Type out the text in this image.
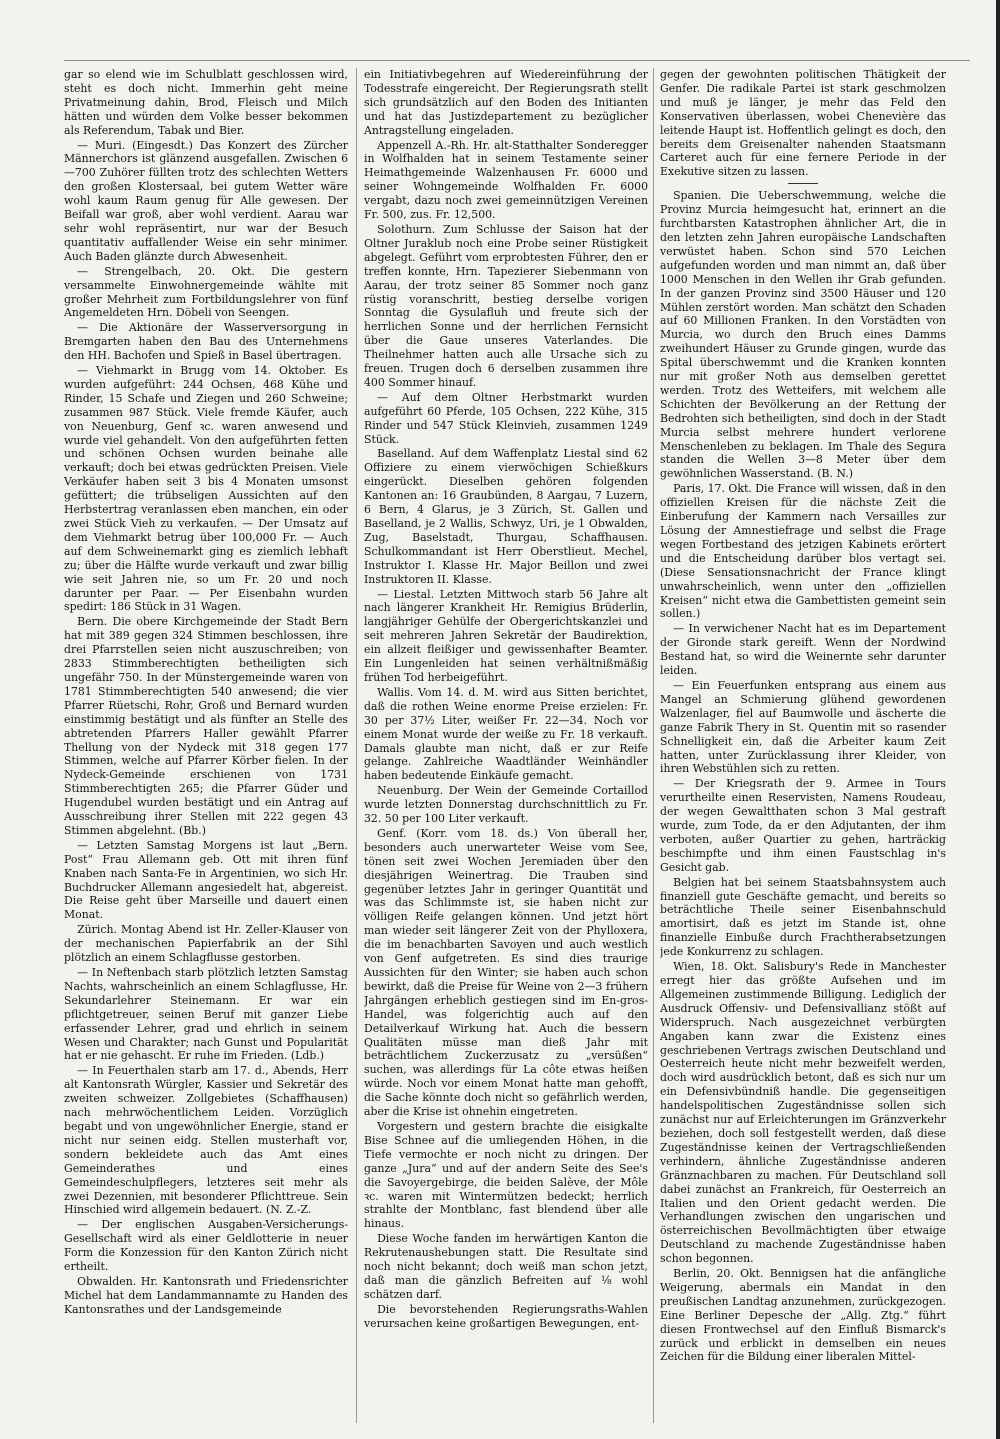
gar so elend wie im Schulblatt geschlossen wird, steht es doch nicht. Immerhin geht meine Privatmeinung dahin, Brod, Fleisch und Milch hätten und würden dem Volke besser bekommen als Referendum, Tabak und Bier.

— Muri. (Eingesdt.) Das Konzert des Zürcher Männerchors ist glänzend ausgefallen. Zwischen 6—700 Zuhörer füllten trotz des schlechten Wetters den großen Klostersaal, bei gutem Wetter wäre wohl kaum Raum genug für Alle gewesen. Der Beifall war groß, aber wohl verdient. Aarau war sehr wohl repräsentirt, nur war der Besuch quantitativ auffallender Weise ein sehr minimer. Auch Baden glänzte durch Abwesenheit.

— Strengelbach, 20. Okt. Die gestern versammelte Einwohnergemeinde wählte mit großer Mehrheit zum Fortbildungslehrer von fünf Angemeldeten Hrn. Döbeli von Seengen.

— Die Aktionäre der Wasserversorgung in Bremgarten haben den Bau des Unternehmens den HH. Bachofen und Spieß in Basel übertragen.

— Viehmarkt in Brugg vom 14. Oktober. Es wurden aufgeführt: 244 Ochsen, 468 Kühe und Rinder, 15 Schafe und Ziegen und 260 Schweine; zusammen 987 Stück. Viele fremde Käufer, auch von Neuenburg, Genf ꝛc. waren anwesend und wurde viel gehandelt. Von den aufgeführten fetten und schönen Ochsen wurden beinahe alle verkauft; doch bei etwas gedrückten Preisen. Viele Verkäufer haben seit 3 bis 4 Monaten umsonst gefüttert; die trübseligen Aussichten auf den Herbstertrag veranlassen eben manchen, ein oder zwei Stück Vieh zu verkaufen. — Der Umsatz auf dem Viehmarkt betrug über 100,000 Fr. — Auch auf dem Schweinemarkt ging es ziemlich lebhaft zu; über die Hälfte wurde verkauft und zwar billig wie seit Jahren nie, so um Fr. 20 und noch darunter per Paar. — Per Eisenbahn wurden spedirt: 186 Stück in 31 Wagen.

Bern. Die obere Kirchgemeinde der Stadt Bern hat mit 389 gegen 324 Stimmen beschlossen, ihre drei Pfarrstellen seien nicht auszuschreiben; von 2833 Stimmberechtigten betheiligten sich ungefähr 750. In der Münstergemeinde waren von 1781 Stimmberechtigten 540 anwesend; die vier Pfarrer Rüetschi, Rohr, Groß und Bernard wurden einstimmig bestätigt und als fünfter an Stelle des abtretenden Pfarrers Haller gewählt Pfarrer Thellung von der Nydeck mit 318 gegen 177 Stimmen, welche auf Pfarrer Körber fielen. In der Nydeck-Gemeinde erschienen von 1731 Stimmberechtigten 265; die Pfarrer Güder und Hugendubel wurden bestätigt und ein Antrag auf Ausschreibung ihrer Stellen mit 222 gegen 43 Stimmen abgelehnt. (Bb.)

— Letzten Samstag Morgens ist laut „Bern. Post“ Frau Allemann geb. Ott mit ihren fünf Knaben nach Santa-Fe in Argentinien, wo sich Hr. Buchdrucker Allemann angesiedelt hat, abgereist. Die Reise geht über Marseille und dauert einen Monat.

Zürich. Montag Abend ist Hr. Zeller-Klauser von der mechanischen Papierfabrik an der Sihl plötzlich an einem Schlagflusse gestorben.

— In Neftenbach starb plötzlich letzten Samstag Nachts, wahrscheinlich an einem Schlagflusse, Hr. Sekundarlehrer Steinemann. Er war ein pflichtgetreuer, seinen Beruf mit ganzer Liebe erfassender Lehrer, grad und ehrlich in seinem Wesen und Charakter; nach Gunst und Popularität hat er nie gehascht. Er ruhe im Frieden. (Ldb.)

— In Feuerthalen starb am 17. d., Abends, Herr alt Kantonsrath Würgler, Kassier und Sekretär des zweiten schweizer. Zollgebietes (Schaffhausen) nach mehrwöchentlichem Leiden. Vorzüglich begabt und von ungewöhnlicher Energie, stand er nicht nur seinen eidg. Stellen musterhaft vor, sondern bekleidete auch das Amt eines Gemeinderathes und eines Gemeindeschulpflegers, letzteres seit mehr als zwei Dezennien, mit besonderer Pflichttreue. Sein Hinschied wird allgemein bedauert. (N. Z.-Z.

— Der englischen Ausgaben-Versicherungs-Gesellschaft wird als einer Geldlotterie in neuer Form die Konzession für den Kanton Zürich nicht ertheilt.

Obwalden. Hr. Kantonsrath und Friedensrichter Michel hat dem Landammannamte zu Handen des Kantonsrathes und der Landsgemeinde

ein Initiativbegehren auf Wiedereinführung der Todesstrafe eingereicht. Der Regierungsrath stellt sich grundsätzlich auf den Boden des Initianten und hat das Justizdepartement zu bezüglicher Antragstellung eingeladen.

Appenzell A.-Rh. Hr. alt-Statthalter Sonderegger in Wolfhalden hat in seinem Testamente seiner Heimathgemeinde Walzenhausen Fr. 6000 und seiner Wohngemeinde Wolfhalden Fr. 6000 vergabt, dazu noch zwei gemeinnützigen Vereinen Fr. 500, zus. Fr. 12,500.

Solothurn. Zum Schlusse der Saison hat der Oltner Juraklub noch eine Probe seiner Rüstigkeit abgelegt. Geführt vom erprobtesten Führer, den er treffen konnte, Hrn. Tapezierer Siebenmann von Aarau, der trotz seiner 85 Sommer noch ganz rüstig voranschritt, bestieg derselbe vorigen Sonntag die Gysulafluh und freute sich der herrlichen Sonne und der herrlichen Fernsicht über die Gaue unseres Vaterlandes. Die Theilnehmer hatten auch alle Ursache sich zu freuen. Trugen doch 6 derselben zusammen ihre 400 Sommer hinauf.

— Auf dem Oltner Herbstmarkt wurden aufgeführt 60 Pferde, 105 Ochsen, 222 Kühe, 315 Rinder und 547 Stück Kleinvieh, zusammen 1249 Stück.

Baselland. Auf dem Waffenplatz Liestal sind 62 Offiziere zu einem vierwöchigen Schießkurs eingerückt. Dieselben gehören folgenden Kantonen an: 16 Graubünden, 8 Aargau, 7 Luzern, 6 Bern, 4 Glarus, je 3 Zürich, St. Gallen und Baselland, je 2 Wallis, Schwyz, Uri, je 1 Obwalden, Zug, Baselstadt, Thurgau, Schaffhausen. Schulkommandant ist Herr Oberstlieut. Mechel, Instruktor I. Klasse Hr. Major Beillon und zwei Instruktoren II. Klasse.

— Liestal. Letzten Mittwoch starb 56 Jahre alt nach längerer Krankheit Hr. Remigius Brüderlin, langjähriger Gehülfe der Obergerichtskanzlei und seit mehreren Jahren Sekretär der Baudirektion, ein allzeit fleißiger und gewissenhafter Beamter. Ein Lungenleiden hat seinen verhältnißmäßig frühen Tod herbeigeführt.

Wallis. Vom 14. d. M. wird aus Sitten berichtet, daß die rothen Weine enorme Preise erzielen: Fr. 30 per 37½ Liter, weißer Fr. 22—34. Noch vor einem Monat wurde der weiße zu Fr. 18 verkauft. Damals glaubte man nicht, daß er zur Reife gelange. Zahlreiche Waadtländer Weinhändler haben bedeutende Einkäufe gemacht.

Neuenburg. Der Wein der Gemeinde Cortaillod wurde letzten Donnerstag durchschnittlich zu Fr. 32. 50 per 100 Liter verkauft.

Genf. (Korr. vom 18. ds.) Von überall her, besonders auch unerwarteter Weise vom See, tönen seit zwei Wochen Jeremiaden über den diesjährigen Weinertrag. Die Trauben sind gegenüber letztes Jahr in geringer Quantität und was das Schlimmste ist, sie haben nicht zur völligen Reife gelangen können. Und jetzt hört man wieder seit längerer Zeit von der Phylloxera, die im benachbarten Savoyen und auch westlich von Genf aufgetreten. Es sind dies traurige Aussichten für den Winter; sie haben auch schon bewirkt, daß die Preise für Weine von 2—3 frühern Jahrgängen erheblich gestiegen sind im En-gros-Handel, was folgerichtig auch auf den Detailverkauf Wirkung hat. Auch die bessern Qualitäten müsse man dieß Jahr mit beträchtlichem Zuckerzusatz zu „versüßen“ suchen, was allerdings für La côte etwas heißen würde. Noch vor einem Monat hatte man gehofft, die Sache könnte doch nicht so gefährlich werden, aber die Krise ist ohnehin eingetreten.

Vorgestern und gestern brachte die eisigkalte Bise Schnee auf die umliegenden Höhen, in die Tiefe vermochte er noch nicht zu dringen. Der ganze „Jura“ und auf der andern Seite des See's die Savoyergebirge, die beiden Salève, der Môle ꝛc. waren mit Wintermützen bedeckt; herrlich strahlte der Montblanc, fast blendend über alle hinaus.

Diese Woche fanden im herwärtigen Kanton die Rekrutenaushebungen statt. Die Resultate sind noch nicht bekannt; doch weiß man schon jetzt, daß man die gänzlich Befreiten auf ⅛ wohl schätzen darf.

Die bevorstehenden Regierungsraths-Wahlen verursachen keine großartigen Bewegungen, ent-

gegen der gewohnten politischen Thätigkeit der Genfer. Die radikale Partei ist stark geschmolzen und muß je länger, je mehr das Feld den Konservativen überlassen, wobei Chenevière das leitende Haupt ist. Hoffentlich gelingt es doch, den bereits dem Greisenalter nahenden Staatsmann Carteret auch für eine fernere Periode in der Exekutive sitzen zu lassen.

Spanien. Die Ueberschwemmung, welche die Provinz Murcia heimgesucht hat, erinnert an die furchtbarsten Katastrophen ähnlicher Art, die in den letzten zehn Jahren europäische Landschaften verwüstet haben. Schon sind 570 Leichen aufgefunden worden und man nimmt an, daß über 1000 Menschen in den Wellen ihr Grab gefunden. In der ganzen Provinz sind 3500 Häuser und 120 Mühlen zerstört worden. Man schätzt den Schaden auf 60 Millionen Franken. In den Vorstädten von Murcia, wo durch den Bruch eines Damms zweihundert Häuser zu Grunde gingen, wurde das Spital überschwemmt und die Kranken konnten nur mit großer Noth aus demselben gerettet werden. Trotz des Wetteifers, mit welchem alle Schichten der Bevölkerung an der Rettung der Bedrohten sich betheiligten, sind doch in der Stadt Murcia selbst mehrere hundert verlorene Menschenleben zu beklagen. Im Thale des Segura standen die Wellen 3—8 Meter über dem gewöhnlichen Wasserstand. (B. N.)

Paris, 17. Okt. Die France will wissen, daß in den offiziellen Kreisen für die nächste Zeit die Einberufung der Kammern nach Versailles zur Lösung der Amnestiefrage und selbst die Frage wegen Fortbestand des jetzigen Kabinets erörtert und die Entscheidung darüber blos vertagt sei. (Diese Sensationsnachricht der France klingt unwahrscheinlich, wenn unter den „offiziellen Kreisen“ nicht etwa die Gambettisten gemeint sein sollen.)

— In verwichener Nacht hat es im Departement der Gironde stark gereift. Wenn der Nordwind Bestand hat, so wird die Weinernte sehr darunter leiden.

— Ein Feuerfunken entsprang aus einem aus Mangel an Schmierung glühend gewordenen Walzenlager, fiel auf Baumwolle und äscherte die ganze Fabrik Thery in St. Quentin mit so rasender Schnelligkeit ein, daß die Arbeiter kaum Zeit hatten, unter Zurücklassung ihrer Kleider, von ihren Webstühlen sich zu retten.

— Der Kriegsrath der 9. Armee in Tours verurtheilte einen Reservisten, Namens Roudeau, der wegen Gewaltthaten schon 3 Mal gestraft wurde, zum Tode, da er den Adjutanten, der ihm verboten, außer Quartier zu gehen, harträckig beschimpfte und ihm einen Faustschlag in's Gesicht gab.

Belgien hat bei seinem Staatsbahnsystem auch finanziell gute Geschäfte gemacht, und bereits so beträchtliche Theile seiner Eisenbahnschuld amortisirt, daß es jetzt im Stande ist, ohne finanzielle Einbuße durch Frachtherabsetzungen jede Konkurrenz zu schlagen.

Wien, 18. Okt. Salisbury's Rede in Manchester erregt hier das größte Aufsehen und im Allgemeinen zustimmende Billigung. Lediglich der Ausdruck Offensiv- und Defensivallianz stößt auf Widerspruch. Nach ausgezeichnet verbürgten Angaben kann zwar die Existenz eines geschriebenen Vertrags zwischen Deutschland und Oesterreich heute nicht mehr bezweifelt werden, doch wird ausdrücklich betont, daß es sich nur um ein Defensivbündniß handle. Die gegenseitigen handelspolitischen Zugeständnisse sollen sich zunächst nur auf Erleichterungen im Gränzverkehr beziehen, doch soll festgestellt werden, daß diese Zugeständnisse keinen der Vertragschließenden verhindern, ähnliche Zugeständnisse anderen Gränznachbaren zu machen. Für Deutschland soll dabei zunächst an Frankreich, für Oesterreich an Italien und den Orient gedacht werden. Die Verhandlungen zwischen den ungarischen und österreichischen Bevollmächtigten über etwaige Deutschland zu machende Zugeständnisse haben schon begonnen.

Berlin, 20. Okt. Bennigsen hat die anfängliche Weigerung, abermals ein Mandat in den preußischen Landtag anzunehmen, zurückgezogen. Eine Berliner Depesche der „Allg. Ztg.“ führt diesen Frontwechsel auf den Einfluß Bismarck's zurück und erblickt in demselben ein neues Zeichen für die Bildung einer liberalen Mittel-
